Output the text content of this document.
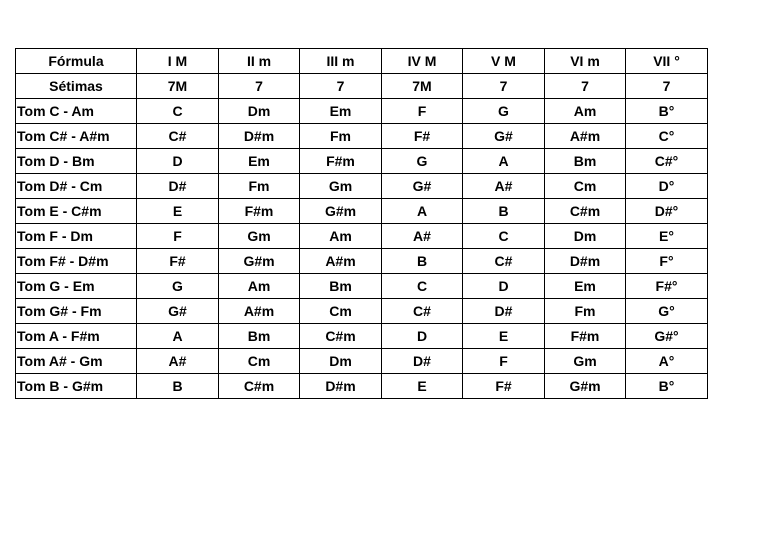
Fórmula	I M	II m	III m	IV M	V M	VI m	VII °
Sétimas	7M	7	7	7M	7	7	7
Tom C - Am	C	Dm	Em	F	G	Am	B°
Tom C# - A#m	C#	D#m	Fm	F#	G#	A#m	C°
Tom D - Bm	D	Em	F#m	G	A	Bm	C#°
Tom D# - Cm	D#	Fm	Gm	G#	A#	Cm	D°
Tom E - C#m	E	F#m	G#m	A	B	C#m	D#°
Tom F - Dm	F	Gm	Am	A#	C	Dm	E°
Tom F# - D#m	F#	G#m	A#m	B	C#	D#m	F°
Tom G - Em	G	Am	Bm	C	D	Em	F#°
Tom G# - Fm	G#	A#m	Cm	C#	D#	Fm	G°
Tom A - F#m	A	Bm	C#m	D	E	F#m	G#°
Tom A# - Gm	A#	Cm	Dm	D#	F	Gm	A°
Tom B - G#m	B	C#m	D#m	E	F#	G#m	B°
